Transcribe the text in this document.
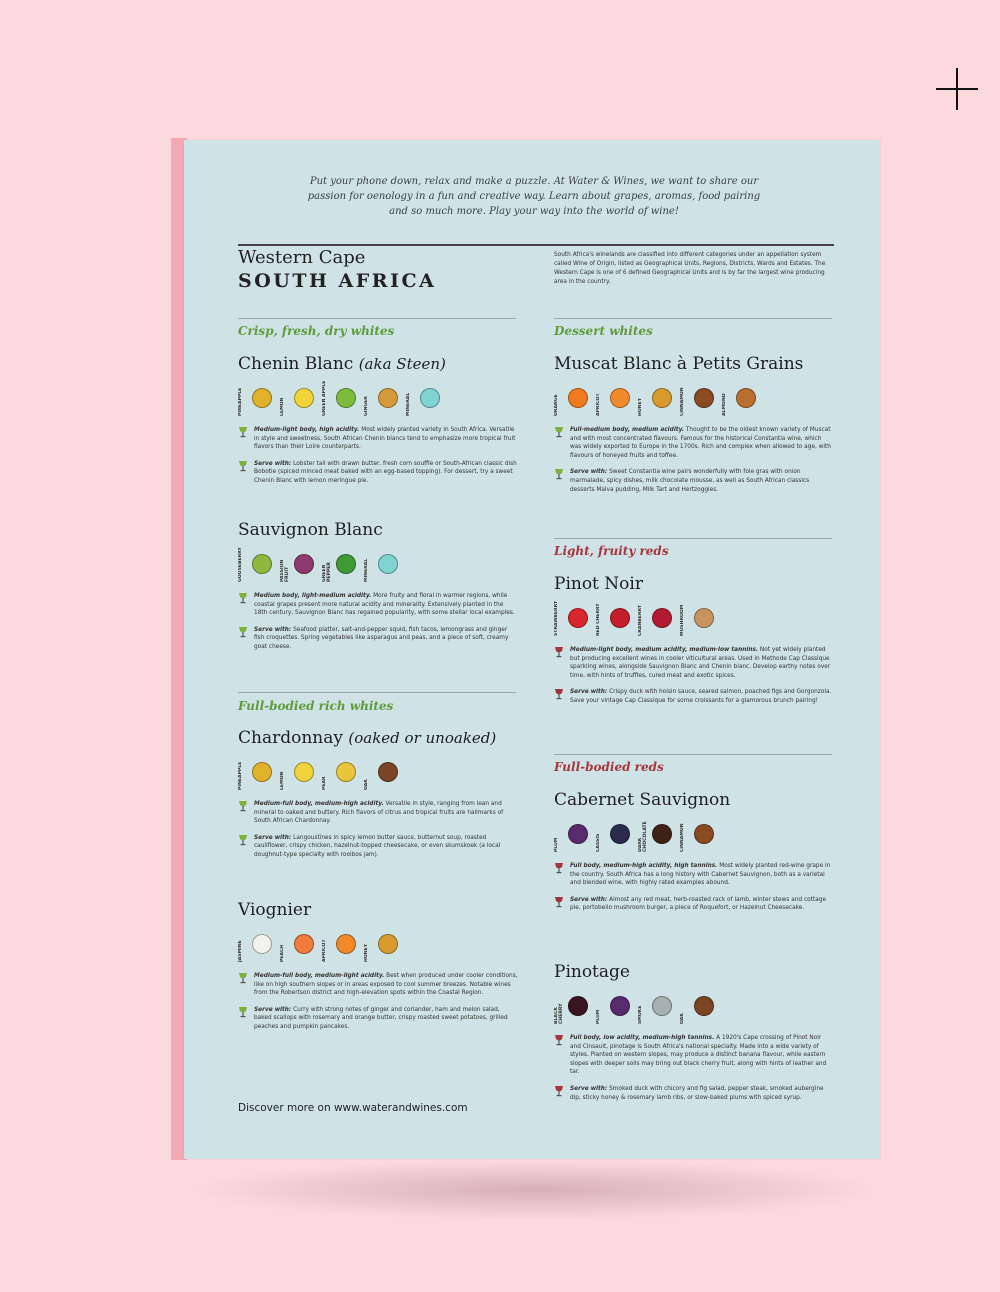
Put your phone down, relax and make a puzzle. At Water & Wines, we want to share our passion for oenology in a fun and creative way. Learn about grapes, aromas, food pairing and so much more. Play your way into the world of wine!

Western Cape
SOUTH AFRICA

South Africa's winelands are classified into different categories under an appellation system called Wine of Origin, listed as Geographical Units, Regions, Districts, Wards and Estates. The Western Cape is one of 6 defined Geographical Units and is by far the largest wine producing area in the country.

Crisp, fresh, dry whites	Dessert whites
Full-bodied rich whites
Light, fruity reds
Full-bodied reds
Chenin Blanc (aka Steen)
PINEAPPLE	LEMON	GREEN APPLE	GINGER	MINERAL

Medium-light body, high acidity. Most widely planted variety in South Africa. Versatile in style and sweetness, South African Chenin blancs tend to emphasize more tropical fruit flavors than their Loire counterparts.

Serve with: Lobster tail with drawn butter, fresh corn souffle or South-African classic dish Bobotie (spiced minced meat baked with an egg-based topping). For dessert, try a sweet Chenin Blanc with lemon meringue pie.

Sauvignon Blanc
GOOSEBERRY	PASSION FRUIT	GREEN PEPPER	MINERAL

Medium body, light-medium acidity. More fruity and floral in warmer regions, while coastal grapes present more natural acidity and minerality. Extensively planted in the 18th century, Sauvignon Blanc has regained popularity, with some stellar local examples.

Serve with: Seafood platter, salt-and-pepper squid, fish tacos, lemongrass and ginger fish croquettes. Spring vegetables like asparagus and peas, and a piece of soft, creamy goat cheese.

Chardonnay (oaked or unoaked)
PINEAPPLE	LEMON	PEAR	OAK

Medium-full body, medium-high acidity. Versatile in style, ranging from lean and mineral to oaked and buttery. Rich flavors of citrus and tropical fruits are hallmarks of South African Chardonnay.

Serve with: Langoustines in spicy lemon butter sauce, butternut soup, roasted cauliflower, crispy chicken, hazelnut-topped cheesecake, or even skumskoek (a local doughnut-type specialty with rooibos jam).

Viognier
JASMINE	PEACH	APRICOT	HONEY

Medium-full body, medium-light acidity. Best when produced under cooler conditions, like on high southern slopes or in areas exposed to cool summer breezes. Notable wines from the Robertson district and high-elevation spots within the Coastal Region.

Serve with: Curry with strong notes of ginger and coriander, ham and melon salad, baked scallops with rosemary and orange butter, crispy roasted sweet potatoes, grilled peaches and pumpkin pancakes.

Muscat Blanc à Petits Grains
ORANGE	APRICOT	HONEY	CINNAMON	ALMOND

Full-medium body, medium acidity. Thought to be the oldest known variety of Muscat and with most concentrated flavours. Famous for the historical Constantia wine, which was widely exported to Europe in the 1700s. Rich and complex when allowed to age, with flavours of honeyed fruits and toffee.

Serve with: Sweet Constantia wine pairs wonderfully with foie gras with onion marmalade, spicy dishes, milk chocolate mousse, as well as South African classics desserts Malva pudding, Milk Tart and Hertzoggies.

Pinot Noir
STRAWBERRY	RED CHERRY	CRANBERRY	MUSHROOM

Medium-light body, medium acidity, medium-low tannins. Not yet widely planted but producing excellent wines in cooler viticultural areas. Used in Methode Cap Classique sparkling wines, alongside Sauvignon Blanc and Chenin blanc. Develop earthy notes over time, with hints of truffles, cured meat and exotic spices.

Serve with: Crispy duck with hoisin sauce, seared salmon, poached figs and Gorgonzola. Save your vintage Cap Classique for some croissants for a glamorous brunch pairing!

Cabernet Sauvignon
PLUM	CASSIS	DARK CHOCOLATE	CINNAMON

Full body, medium-high acidity, high tannins. Most widely planted red-wine grape in the country. South Africa has a long history with Cabernet Sauvignon, both as a varietal and blended wine, with highly rated examples abound.

Serve with: Almost any red meat, herb-roasted rack of lamb, winter stews and cottage pie, portobello mushroom burger, a piece of Roquefort, or Hazelnut Cheesecake.

Pinotage
BLACK CHERRY	PLUM	SMOKE	OAK

Full body, low acidity, medium-high tannins. A 1920's Cape crossing of Pinot Noir and Cinsault, pinotage is South Africa's national specialty. Made into a wide variety of styles. Planted on western slopes, may produce a distinct banana flavour, while eastern slopes with deeper soils may bring out black cherry fruit, along with hints of leather and tar.

Serve with: Smoked duck with chicory and fig salad, pepper steak, smoked aubergine dip, sticky honey & rosemary lamb ribs, or slow-baked plums with spiced syrup.

Discover more on www.waterandwines.com
